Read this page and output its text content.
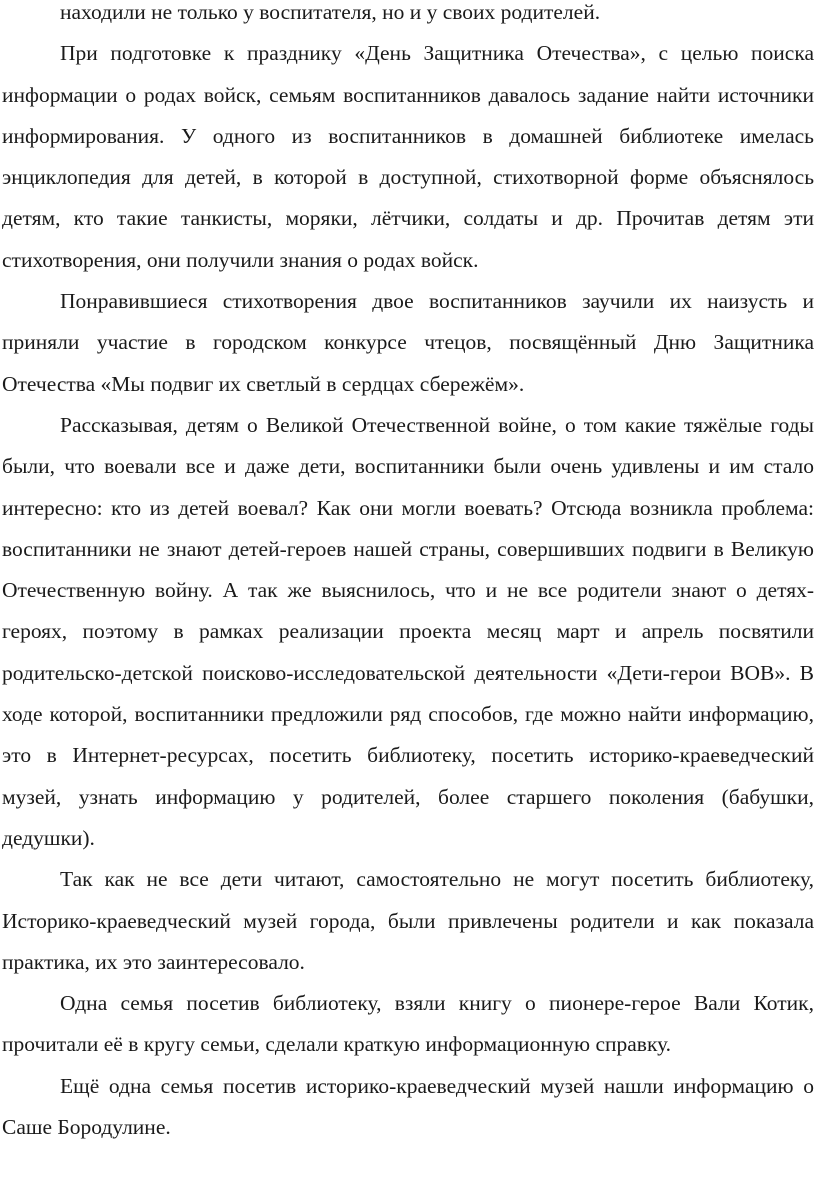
находили не только у воспитателя, но и у своих родителей.

При подготовке к празднику «День Защитника Отечества», с целью поиска информации о родах войск, семьям воспитанников давалось задание найти источники информирования. У одного из воспитанников в домашней библиотеке имелась энциклопедия для детей, в которой в доступной, стихотворной форме объяснялось детям, кто такие танкисты, моряки, лётчики, солдаты и др. Прочитав детям эти стихотворения, они получили знания о родах войск.

Понравившиеся стихотворения двое воспитанников заучили их наизусть и приняли участие в городском конкурсе чтецов, посвящённый Дню Защитника Отечества «Мы подвиг их светлый в сердцах сбережём».

Рассказывая, детям о Великой Отечественной войне, о том какие тяжёлые годы были, что воевали все и даже дети, воспитанники были очень удивлены и им стало интересно: кто из детей воевал? Как они могли воевать? Отсюда возникла проблема: воспитанники не знают детей-героев нашей страны, совершивших подвиги в Великую Отечественную войну. А так же выяснилось, что и не все родители знают о детях-героях, поэтому в рамках реализации проекта месяц март и апрель посвятили родительско-детской поисково-исследовательской деятельности «Дети-герои ВОВ». В ходе которой, воспитанники предложили ряд способов, где можно найти информацию, это в Интернет-ресурсах, посетить библиотеку, посетить историко-краеведческий музей, узнать информацию у родителей, более старшего поколения (бабушки, дедушки).

Так как не все дети читают, самостоятельно не могут посетить библиотеку, Историко-краеведческий музей города, были привлечены родители и как показала практика, их это заинтересовало.

Одна семья посетив библиотеку, взяли книгу о пионере-герое Вали Котик, прочитали её в кругу семьи, сделали краткую информационную справку.

Ещё одна семья посетив историко-краеведческий музей нашли информацию о Саше Бородулине.
